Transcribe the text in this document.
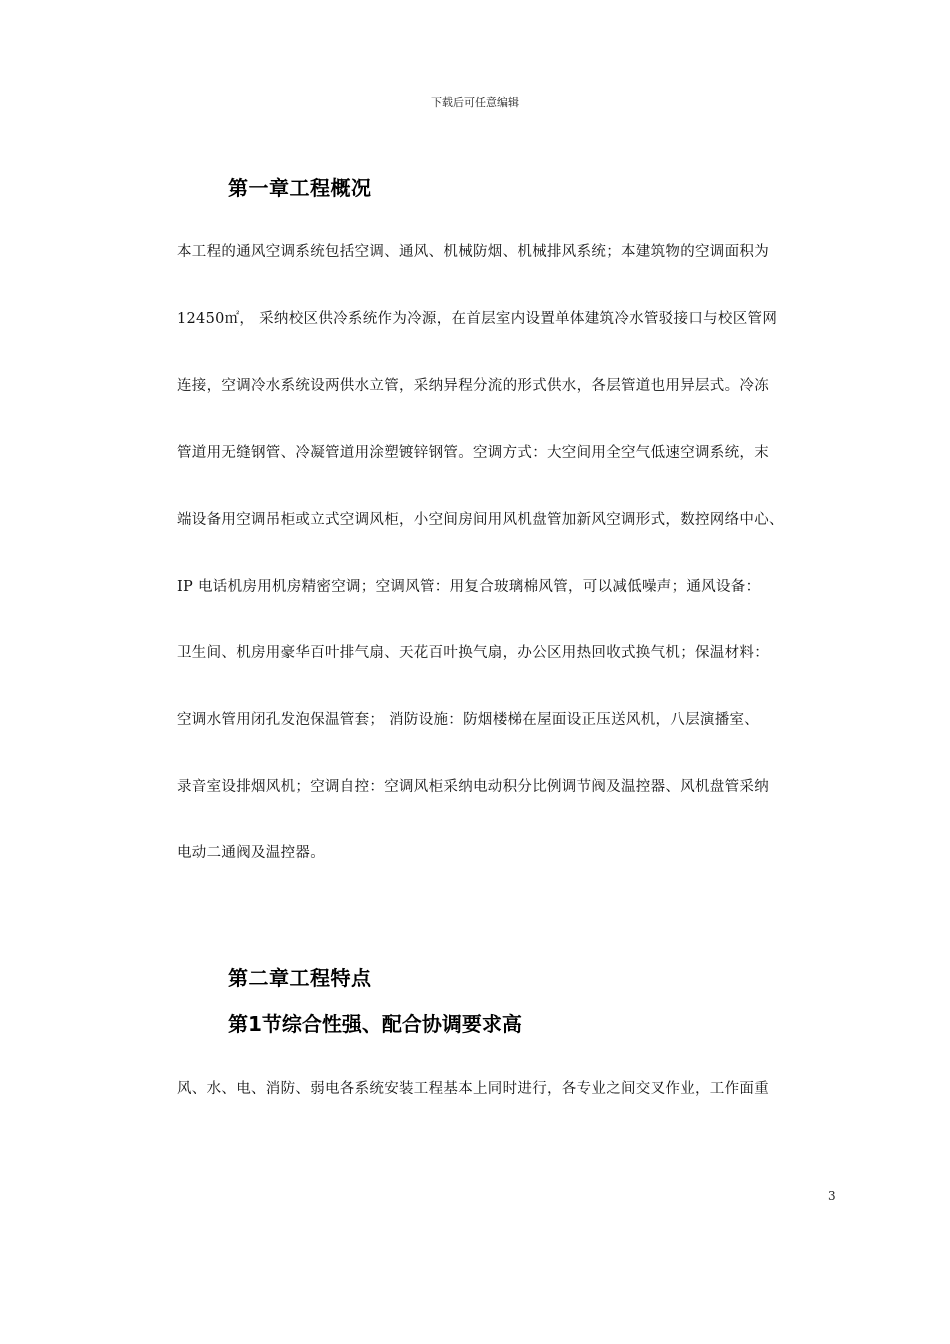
下载后可任意编辑
第一章工程概况
本工程的通风空调系统包括空调、通风、机械防烟、机械排风系统；本建筑物的空调面积为
12450㎡， 采纳校区供冷系统作为冷源，在首层室内设置单体建筑冷水管驳接口与校区管网
连接，空调冷水系统设两供水立管，采纳异程分流的形式供水，各层管道也用异层式。冷冻
管道用无缝钢管、冷凝管道用涂塑镀锌钢管。空调方式：大空间用全空气低速空调系统，末
端设备用空调吊柜或立式空调风柜，小空间房间用风机盘管加新风空调形式，数控网络中心、
IP 电话机房用机房精密空调；空调风管：用复合玻璃棉风管，可以减低噪声；通风设备：
卫生间、机房用豪华百叶排气扇、天花百叶换气扇，办公区用热回收式换气机；保温材料：
空调水管用闭孔发泡保温管套； 消防设施：防烟楼梯在屋面设正压送风机，八层演播室、
录音室设排烟风机；空调自控：空调风柜采纳电动积分比例调节阀及温控器、风机盘管采纳
电动二通阀及温控器。
第二章工程特点
第1节综合性强、配合协调要求高
风、水、电、消防、弱电各系统安装工程基本上同时进行，各专业之间交叉作业，工作面重
3
